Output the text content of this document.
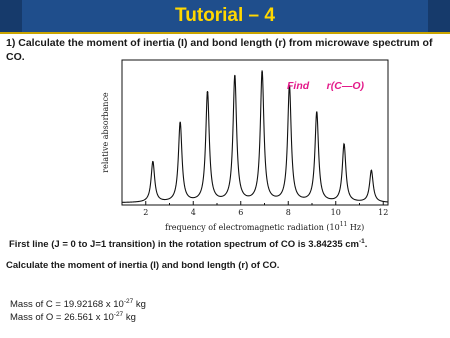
Tutorial – 4
1) Calculate the moment of inertia (I) and bond length (r) from microwave spectrum of CO.
2	4	6	8	10	12
relative absorbance
frequency of electromagnetic radiation ($10^{11}$ Hz)
Find      r(C—O)
First line (J = 0 to J=1 transition) in the rotation spectrum of CO is 3.84235 $cm^{-1}$.
Calculate the moment of inertia (I) and bond length (r) of CO.
Mass of C = 19.92168 x $10^{-27}$ kg
Mass of O = 26.561 x $10^{-27}$ kg
